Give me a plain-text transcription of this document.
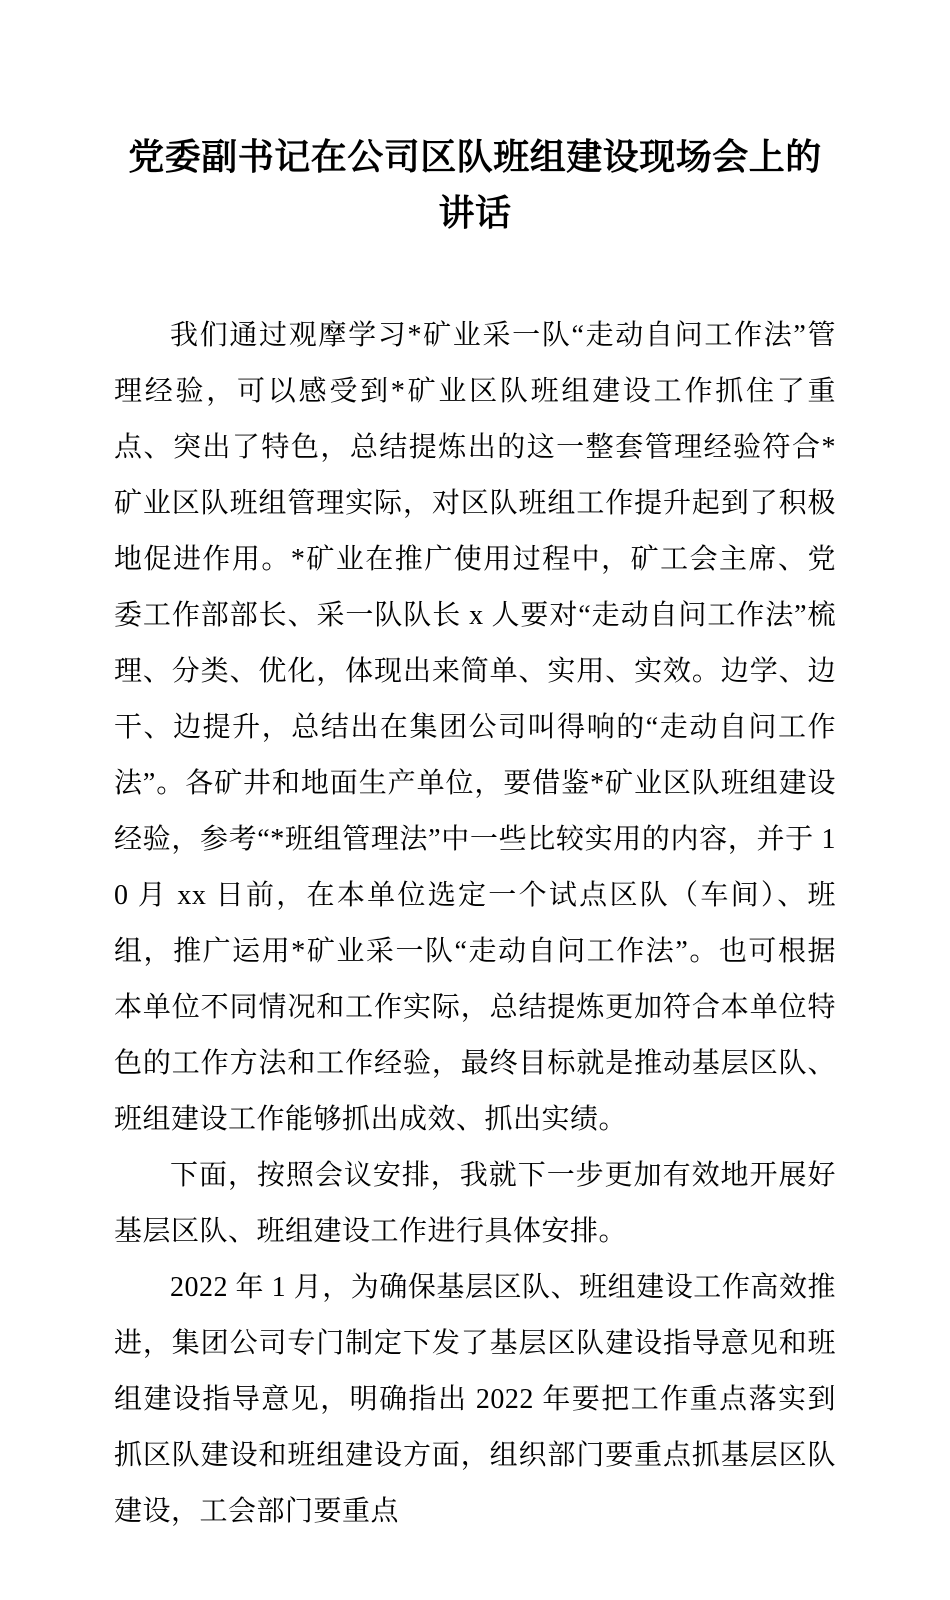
党委副书记在公司区队班组建设现场会上的讲话

我们通过观摩学习*矿业采一队“走动自问工作法”管理经验，可以感受到*矿业区队班组建设工作抓住了重点、突出了特色，总结提炼出的这一整套管理经验符合*矿业区队班组管理实际，对区队班组工作提升起到了积极地促进作用。*矿业在推广使用过程中，矿工会主席、党委工作部部长、采一队队长 x 人要对“走动自问工作法”梳理、分类、优化，体现出来简单、实用、实效。边学、边干、边提升，总结出在集团公司叫得响的“走动自问工作法”。各矿井和地面生产单位，要借鉴*矿业区队班组建设经验，参考“*班组管理法”中一些比较实用的内容，并于 10 月 xx 日前，在本单位选定一个试点区队（车间）、班组，推广运用*矿业采一队“走动自问工作法”。也可根据本单位不同情况和工作实际，总结提炼更加符合本单位特色的工作方法和工作经验，最终目标就是推动基层区队、班组建设工作能够抓出成效、抓出实绩。

下面，按照会议安排，我就下一步更加有效地开展好基层区队、班组建设工作进行具体安排。

2022 年 1 月，为确保基层区队、班组建设工作高效推进，集团公司专门制定下发了基层区队建设指导意见和班组建设指导意见，明确指出 2022 年要把工作重点落实到抓区队建设和班组建设方面，组织部门要重点抓基层区队建设，工会部门要重点
